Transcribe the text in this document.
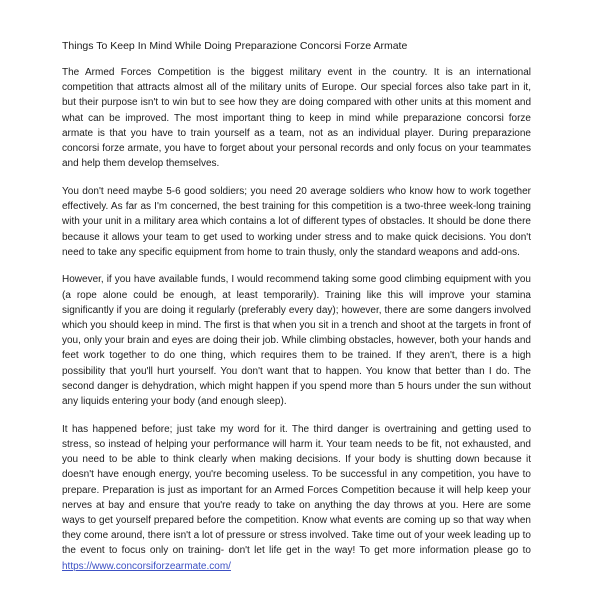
Things To Keep In Mind While Doing Preparazione Concorsi Forze Armate

The Armed Forces Competition is the biggest military event in the country. It is an international competition that attracts almost all of the military units of Europe. Our special forces also take part in it, but their purpose isn't to win but to see how they are doing compared with other units at this moment and what can be improved. The most important thing to keep in mind while preparazione concorsi forze armate is that you have to train yourself as a team, not as an individual player. During preparazione concorsi forze armate, you have to forget about your personal records and only focus on your teammates and help them develop themselves.

You don't need maybe 5-6 good soldiers; you need 20 average soldiers who know how to work together effectively. As far as I'm concerned, the best training for this competition is a two-three week-long training with your unit in a military area which contains a lot of different types of obstacles. It should be done there because it allows your team to get used to working under stress and to make quick decisions. You don't need to take any specific equipment from home to train thusly, only the standard weapons and add-ons.

However, if you have available funds, I would recommend taking some good climbing equipment with you (a rope alone could be enough, at least temporarily). Training like this will improve your stamina significantly if you are doing it regularly (preferably every day); however, there are some dangers involved which you should keep in mind. The first is that when you sit in a trench and shoot at the targets in front of you, only your brain and eyes are doing their job. While climbing obstacles, however, both your hands and feet work together to do one thing, which requires them to be trained. If they aren't, there is a high possibility that you'll hurt yourself. You don't want that to happen. You know that better than I do. The second danger is dehydration, which might happen if you spend more than 5 hours under the sun without any liquids entering your body (and enough sleep).

It has happened before; just take my word for it. The third danger is overtraining and getting used to stress, so instead of helping your performance will harm it. Your team needs to be fit, not exhausted, and you need to be able to think clearly when making decisions. If your body is shutting down because it doesn't have enough energy, you're becoming useless. To be successful in any competition, you have to prepare. Preparation is just as important for an Armed Forces Competition because it will help keep your nerves at bay and ensure that you're ready to take on anything the day throws at you. Here are some ways to get yourself prepared before the competition. Know what events are coming up so that way when they come around, there isn't a lot of pressure or stress involved. Take time out of your week leading up to the event to focus only on training- don't let life get in the way! To get more information please go to https://www.concorsiforzearmate.com/
